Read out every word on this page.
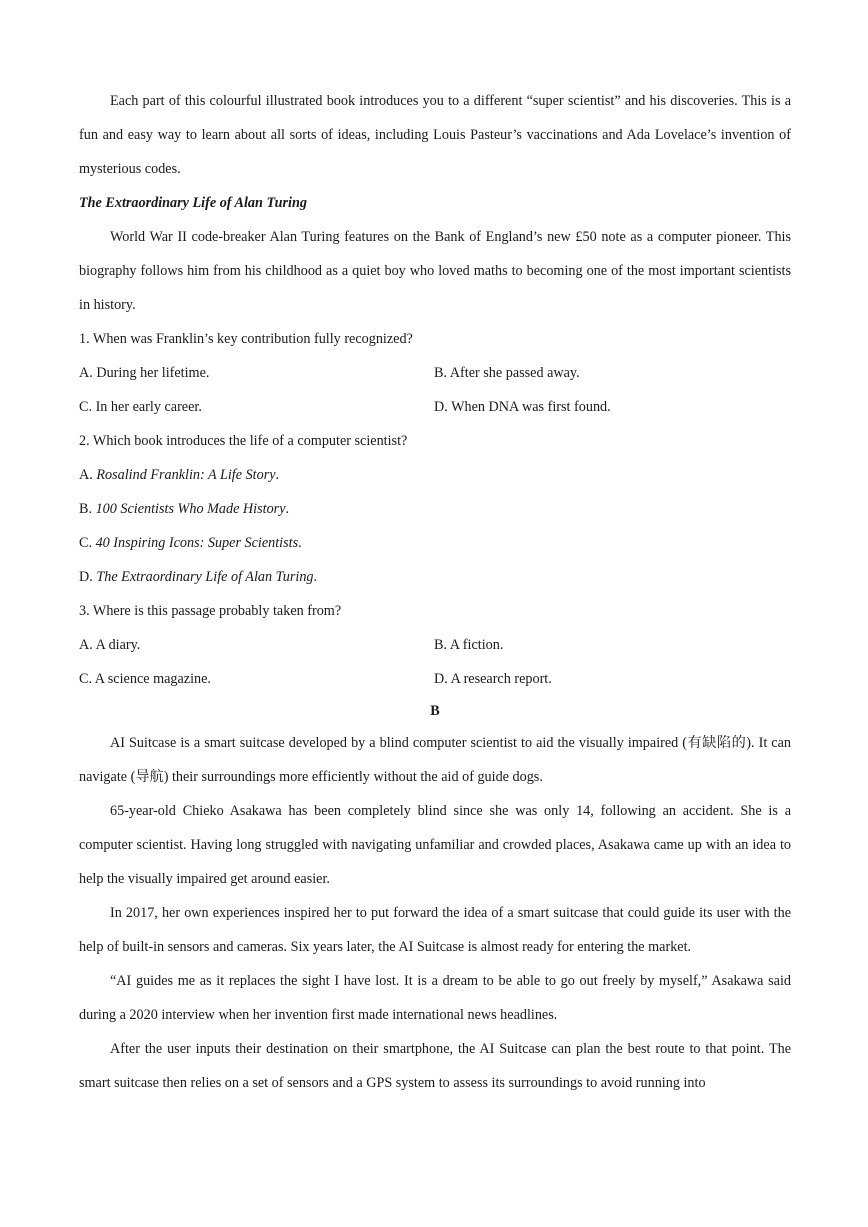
Each part of this colourful illustrated book introduces you to a different “super scientist” and his discoveries. This is a fun and easy way to learn about all sorts of ideas, including Louis Pasteur’s vaccinations and Ada Lovelace’s invention of mysterious codes.

The Extraordinary Life of Alan Turing

World War II code-breaker Alan Turing features on the Bank of England’s new £50 note as a computer pioneer. This biography follows him from his childhood as a quiet boy who loved maths to becoming one of the most important scientists in history.

1. When was Franklin’s key contribution fully recognized?

A. During her lifetime.	B. After she passed away.
C. In her early career.	D. When DNA was first found.

2. Which book introduces the life of a computer scientist?

A. Rosalind Franklin: A Life Story.

B. 100 Scientists Who Made History.

C. 40 Inspiring Icons: Super Scientists.

D. The Extraordinary Life of Alan Turing.

3. Where is this passage probably taken from?

A. A diary.	B. A fiction.
C. A science magazine.	D. A research report.
B

AI Suitcase is a smart suitcase developed by a blind computer scientist to aid the visually impaired (有缺陷的). It can navigate (导航) their surroundings more efficiently without the aid of guide dogs.

65-year-old Chieko Asakawa has been completely blind since she was only 14, following an accident. She is a computer scientist. Having long struggled with navigating unfamiliar and crowded places, Asakawa came up with an idea to help the visually impaired get around easier.

In 2017, her own experiences inspired her to put forward the idea of a smart suitcase that could guide its user with the help of built-in sensors and cameras. Six years later, the AI Suitcase is almost ready for entering the market.

“AI guides me as it replaces the sight I have lost. It is a dream to be able to go out freely by myself,” Asakawa said during a 2020 interview when her invention first made international news headlines.

After the user inputs their destination on their smartphone, the AI Suitcase can plan the best route to that point. The smart suitcase then relies on a set of sensors and a GPS system to assess its surroundings to avoid running into
